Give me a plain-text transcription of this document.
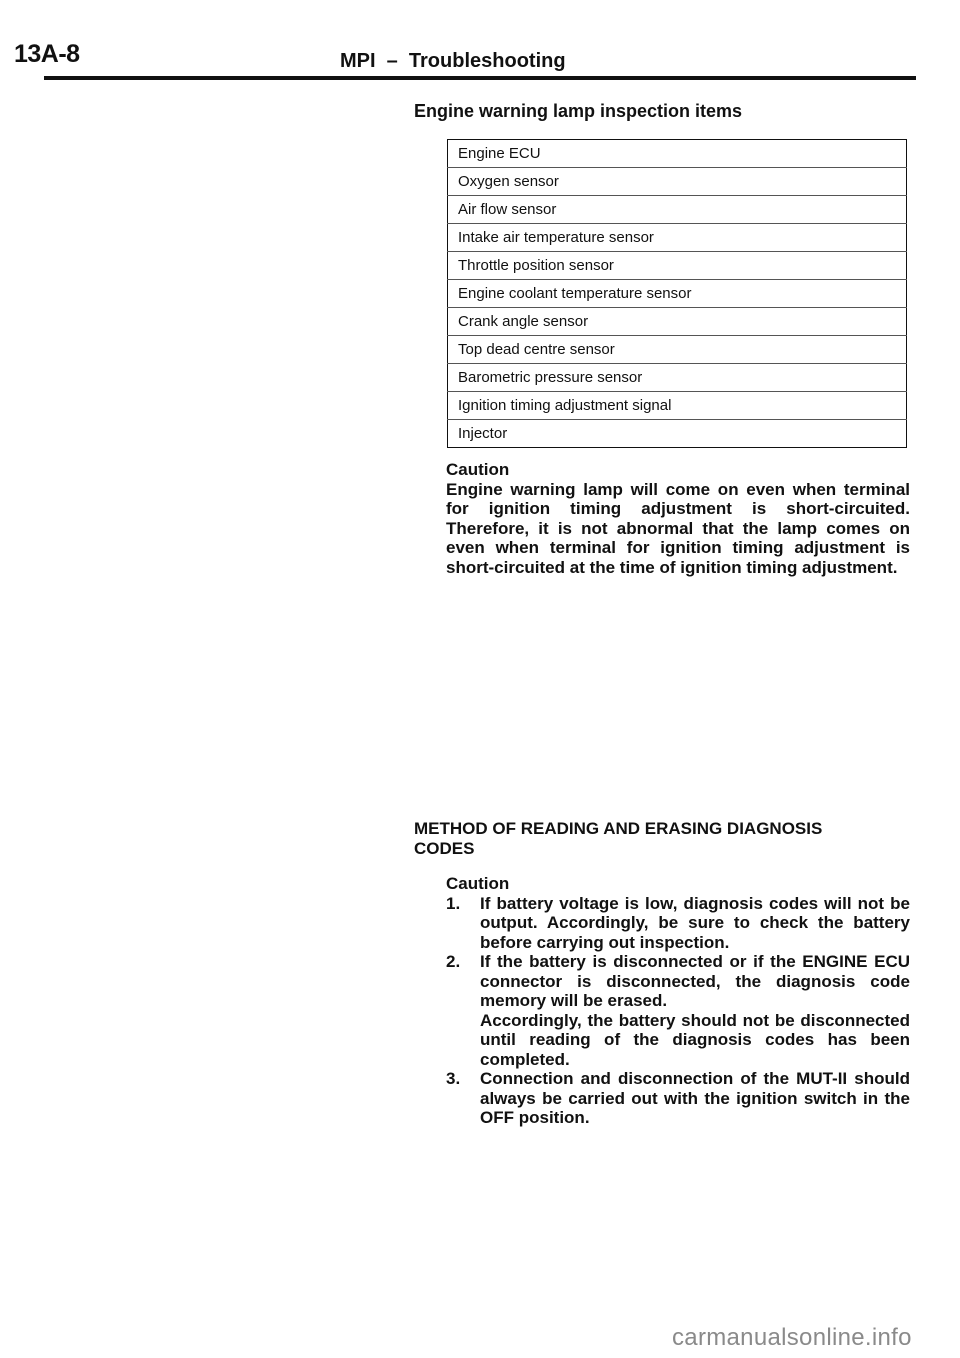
13A-8	MPI  –  Troubleshooting
Engine warning lamp inspection items
Engine ECU
Oxygen sensor
Air flow sensor
Intake air temperature sensor
Throttle position sensor
Engine coolant temperature sensor
Crank angle sensor
Top dead centre sensor
Barometric pressure sensor
Ignition timing adjustment signal
Injector
Caution
Engine warning lamp will come on even when terminal for ignition timing adjustment is short-circuited. Therefore, it is not abnormal that the lamp comes on even when terminal for ignition timing adjustment is short-circuited at the time of ignition timing adjustment.
METHOD OF READING AND ERASING DIAGNOSIS CODES
Caution
1.	If battery voltage is low, diagnosis codes will not be output. Accordingly, be sure to check the battery before carrying out inspection.
2.	If the battery is disconnected or if the ENGINE ECU connector is disconnected, the diagnosis code memory will be erased.
Accordingly, the battery should not be disconnected until reading of the diagnosis codes has been completed.
3.	Connection and disconnection of the MUT-II should always be carried out with the ignition switch in the OFF position.
carmanualsonline.info
